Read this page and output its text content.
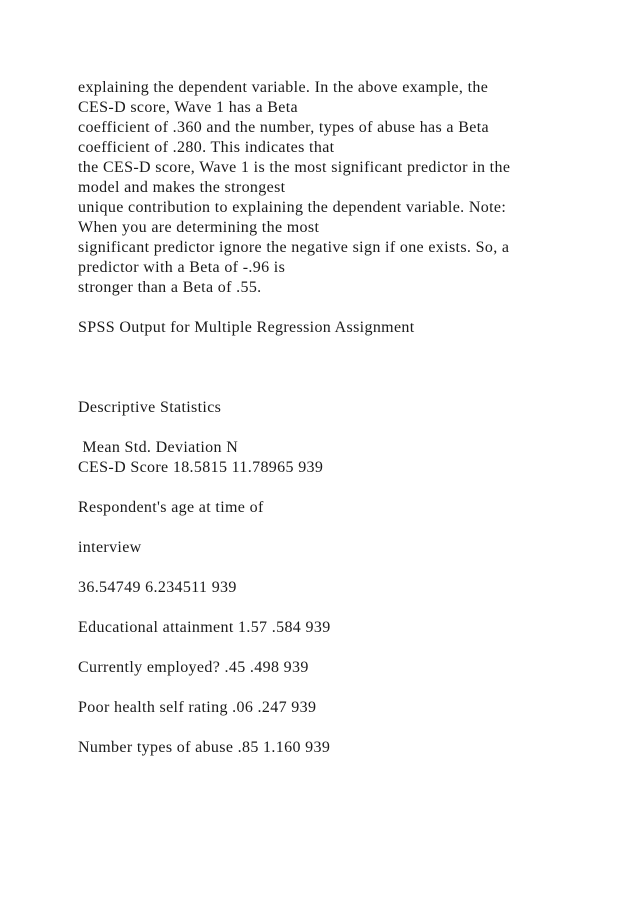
explaining the dependent variable. In the above example, the
CES-D score, Wave 1 has a Beta
coefficient of .360 and the number, types of abuse has a Beta
coefficient of .280. This indicates that
the CES-D score, Wave 1 is the most significant predictor in the
model and makes the strongest
unique contribution to explaining the dependent variable. Note:
When you are determining the most
significant predictor ignore the negative sign if one exists. So, a
predictor with a Beta of -.96 is
stronger than a Beta of .55.
SPSS Output for Multiple Regression Assignment
Descriptive Statistics
Mean Std. Deviation N
CES-D Score 18.5815 11.78965 939
Respondent's age at time of
interview
36.54749 6.234511 939
Educational attainment 1.57 .584 939
Currently employed? .45 .498 939
Poor health self rating .06 .247 939
Number types of abuse .85 1.160 939
